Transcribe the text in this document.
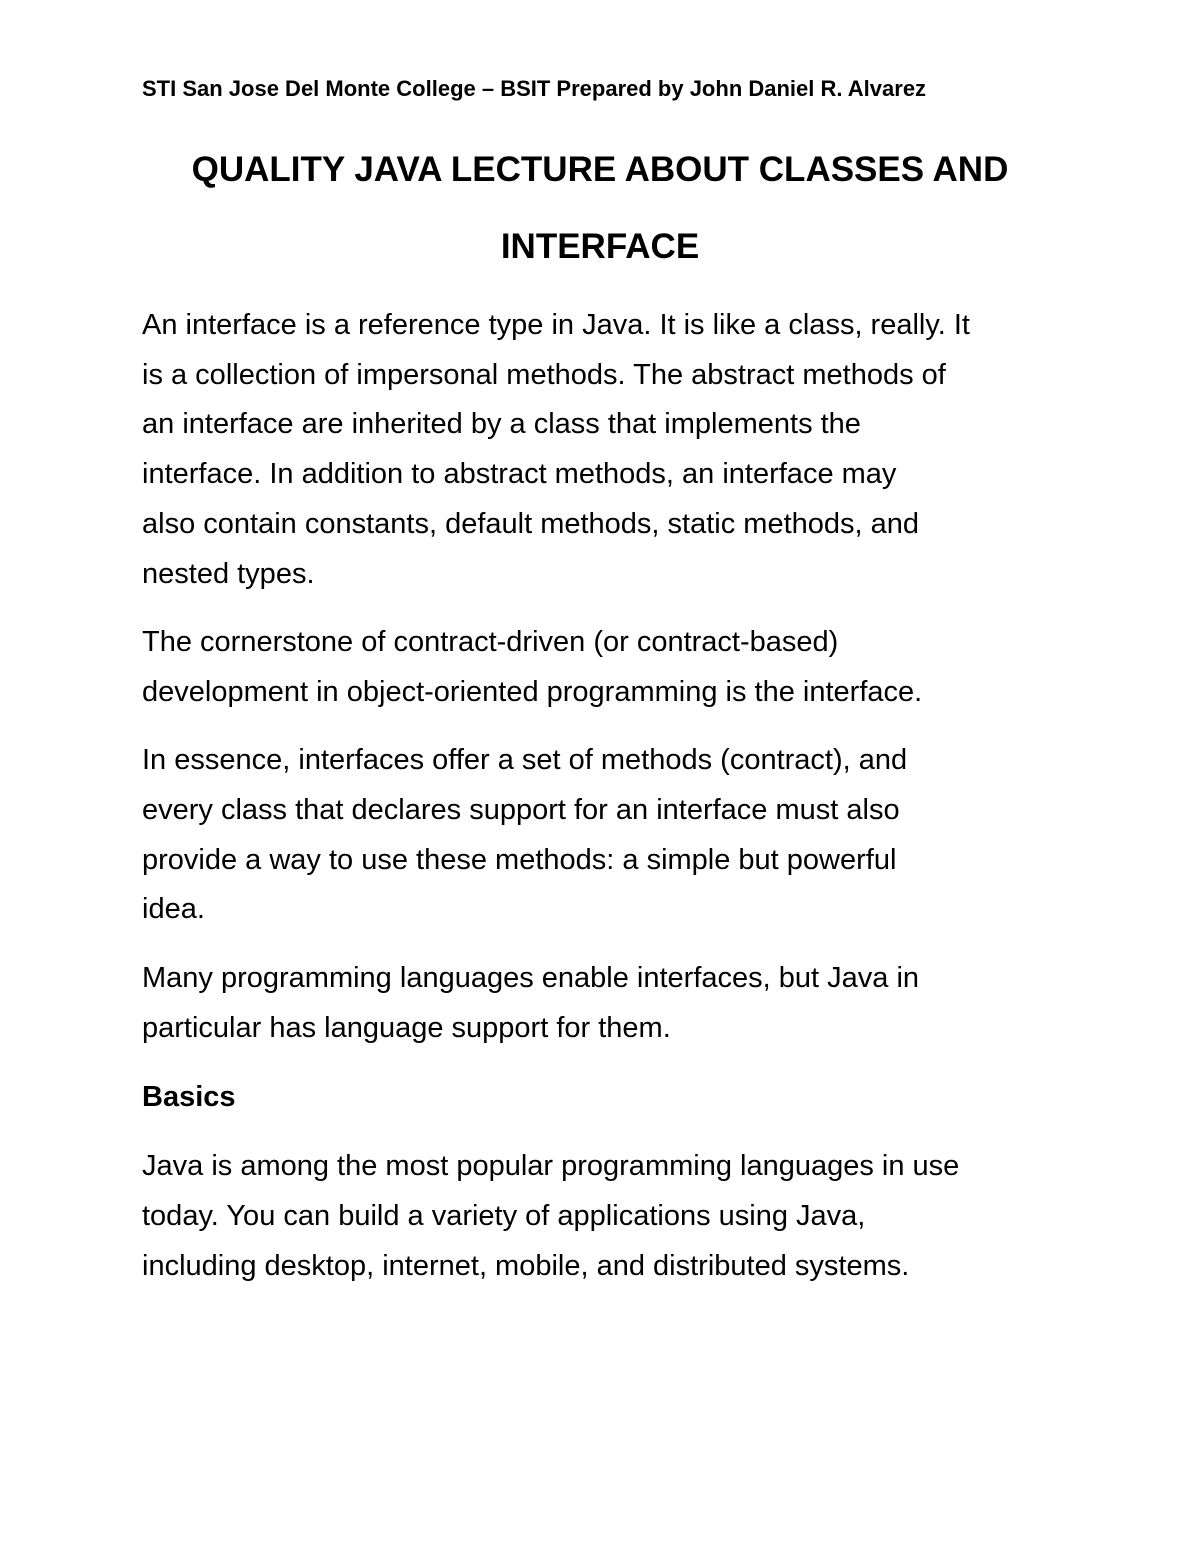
STI San Jose Del Monte College – BSIT Prepared by John Daniel R. Alvarez
QUALITY JAVA LECTURE ABOUT CLASSES AND
INTERFACE
An interface is a reference type in Java. It is like a class, really. It
is a collection of impersonal methods. The abstract methods of
an interface are inherited by a class that implements the
interface. In addition to abstract methods, an interface may
also contain constants, default methods, static methods, and
nested types.
The cornerstone of contract-driven (or contract-based)
development in object-oriented programming is the interface.
In essence, interfaces offer a set of methods (contract), and
every class that declares support for an interface must also
provide a way to use these methods: a simple but powerful
idea.
Many programming languages enable interfaces, but Java in
particular has language support for them.
Basics
Java is among the most popular programming languages in use
today. You can build a variety of applications using Java,
including desktop, internet, mobile, and distributed systems.
